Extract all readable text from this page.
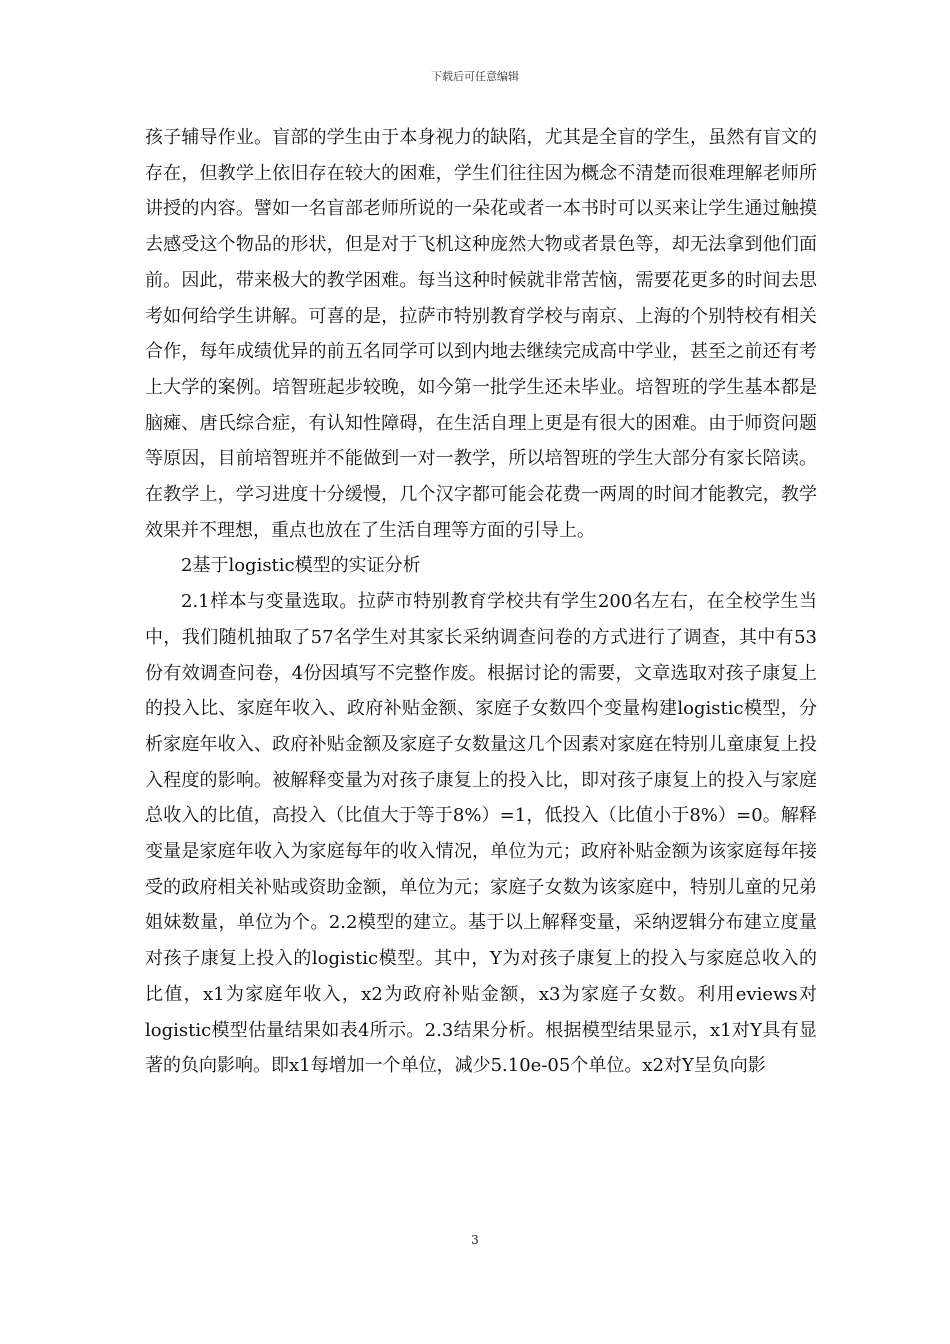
下载后可任意编辑

孩子辅导作业。盲部的学生由于本身视力的缺陷，尤其是全盲的学生，虽然有盲文的存在，但教学上依旧存在较大的困难，学生们往往因为概念不清楚而很难理解老师所讲授的内容。譬如一名盲部老师所说的一朵花或者一本书时可以买来让学生通过触摸去感受这个物品的形状，但是对于飞机这种庞然大物或者景色等，却无法拿到他们面前。因此，带来极大的教学困难。每当这种时候就非常苦恼，需要花更多的时间去思考如何给学生讲解。可喜的是，拉萨市特别教育学校与南京、上海的个别特校有相关合作，每年成绩优异的前五名同学可以到内地去继续完成高中学业，甚至之前还有考上大学的案例。培智班起步较晚，如今第一批学生还未毕业。培智班的学生基本都是脑瘫、唐氏综合症，有认知性障碍，在生活自理上更是有很大的困难。由于师资问题等原因，目前培智班并不能做到一对一教学，所以培智班的学生大部分有家长陪读。在教学上，学习进度十分缓慢，几个汉字都可能会花费一两周的时间才能教完，教学效果并不理想，重点也放在了生活自理等方面的引导上。

2基于logistic模型的实证分析

2.1样本与变量选取。拉萨市特别教育学校共有学生200名左右，在全校学生当中，我们随机抽取了57名学生对其家长采纳调查问卷的方式进行了调查，其中有53份有效调查问卷，4份因填写不完整作废。根据讨论的需要，文章选取对孩子康复上的投入比、家庭年收入、政府补贴金额、家庭子女数四个变量构建logistic模型，分析家庭年收入、政府补贴金额及家庭子女数量这几个因素对家庭在特别儿童康复上投入程度的影响。被解释变量为对孩子康复上的投入比，即对孩子康复上的投入与家庭总收入的比值，高投入（比值大于等于8%）=1，低投入（比值小于8%）=0。解释变量是家庭年收入为家庭每年的收入情况，单位为元；政府补贴金额为该家庭每年接受的政府相关补贴或资助金额，单位为元；家庭子女数为该家庭中，特别儿童的兄弟姐妹数量，单位为个。2.2模型的建立。基于以上解释变量，采纳逻辑分布建立度量对孩子康复上投入的logistic模型。其中，Y为对孩子康复上的投入与家庭总收入的比值，x1为家庭年收入，x2为政府补贴金额，x3为家庭子女数。利用eviews对logistic模型估量结果如表4所示。2.3结果分析。根据模型结果显示，x1对Y具有显著的负向影响。即x1每增加一个单位，减少5.10e-05个单位。x2对Y呈负向影

3
